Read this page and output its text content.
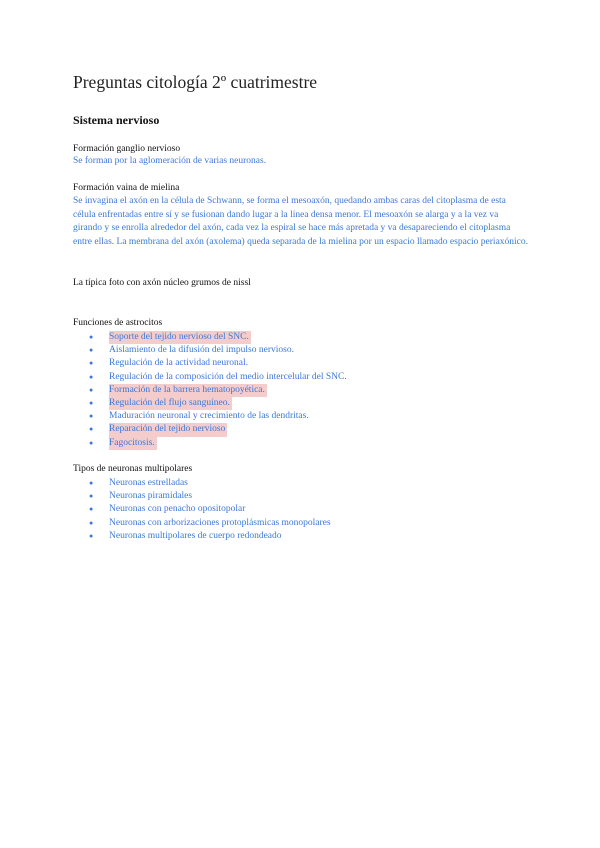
Preguntas citología 2º cuatrimestre
Sistema nervioso

Formación ganglio nervioso

Se forman por la aglomeración de varias neuronas.

Formación vaina de mielina

Se invagina el axón en la célula de Schwann, se forma el mesoaxón, quedando ambas caras del citoplasma de esta célula enfrentadas entre sí y se fusionan dando lugar a la línea densa menor. El mesoaxón se alarga y a la vez va girando y se enrolla alrededor del axón, cada vez la espiral se hace más apretada y va desapareciendo el citoplasma entre ellas. La membrana del axón (axolema) queda separada de la mielina por un espacio llamado espacio periaxónico.

La típica foto con axón núcleo grumos de nissl

Funciones de astrocitos

● Soporte del tejido nervioso del SNC.
● Aislamiento de la difusión del impulso nervioso.
● Regulación de la actividad neuronal.
● Regulación de la composición del medio intercelular del SNC.
● Formación de la barrera hematopoyética.
● Regulación del flujo sanguíneo.
● Maduración neuronal y crecimiento de las dendritas.
● Reparación del tejido nervioso
● Fagocitosis.

Tipos de neuronas multipolares

● Neuronas estrelladas
● Neuronas piramidales
● Neuronas con penacho opositopolar
● Neuronas con arborizaciones protoplásmicas monopolares
● Neuronas multipolares de cuerpo redondeado
